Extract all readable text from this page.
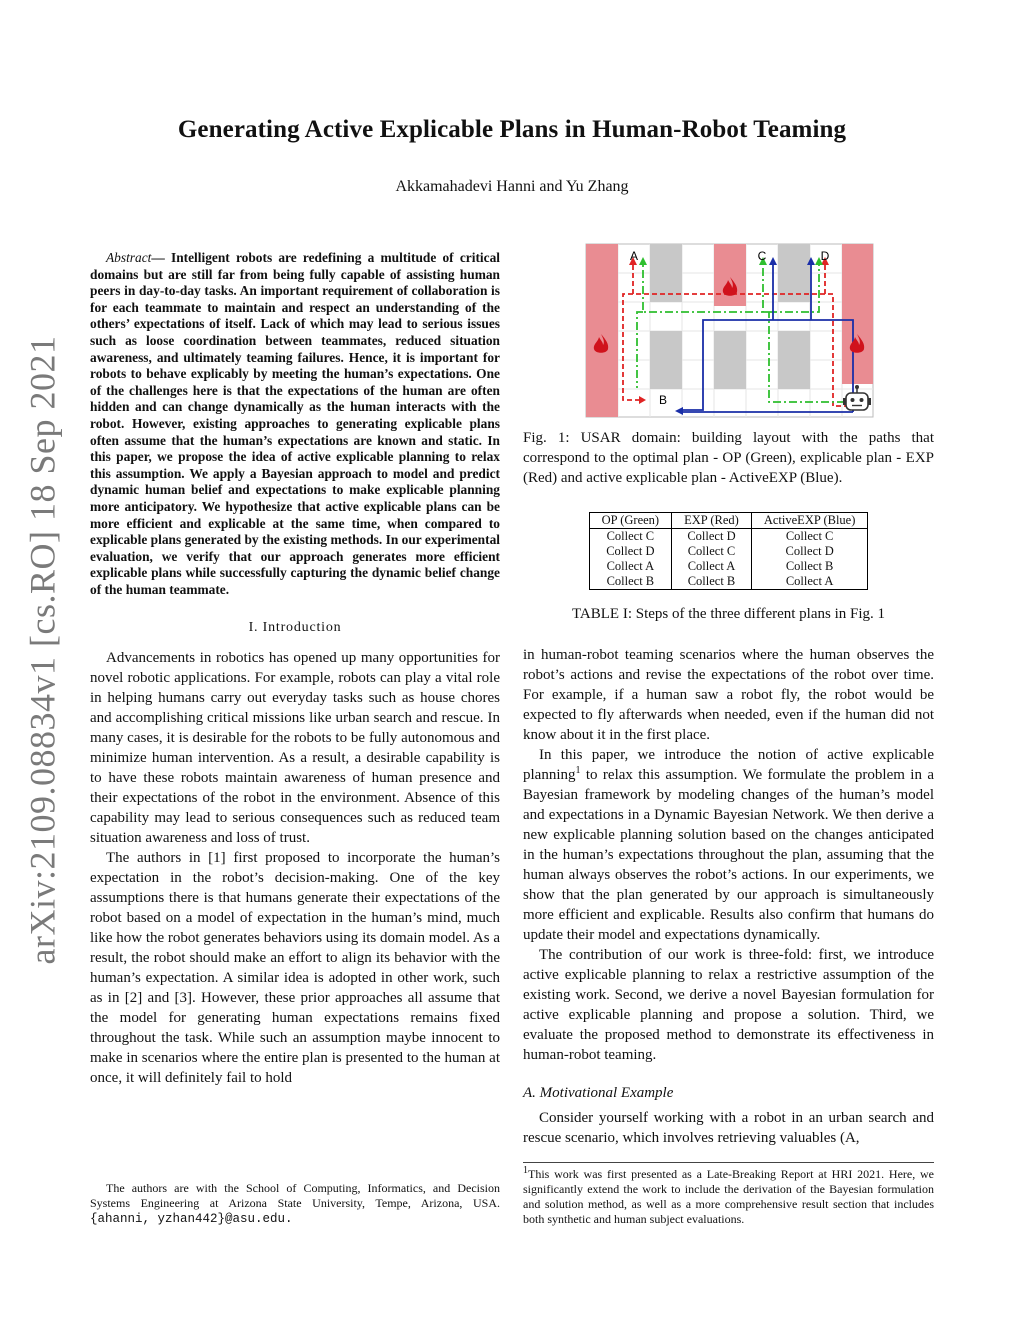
arXiv:2109.08834v1 [cs.RO] 18 Sep 2021
Generating Active Explicable Plans in Human-Robot Teaming
Akkamahadevi Hanni and Yu Zhang

Abstract— Intelligent robots are redefining a multitude of critical domains but are still far from being fully capable of assisting human peers in day-to-day tasks. An important requirement of collaboration is for each teammate to maintain and respect an understanding of the others’ expectations of itself. Lack of which may lead to serious issues such as loose coordination between teammates, reduced situation awareness, and ultimately teaming failures. Hence, it is important for robots to behave explicably by meeting the human’s expectations. One of the challenges here is that the expectations of the human are often hidden and can change dynamically as the human interacts with the robot. However, existing approaches to generating explicable plans often assume that the human’s expectations are known and static. In this paper, we propose the idea of active explicable planning to relax this assumption. We apply a Bayesian approach to model and predict dynamic human belief and expectations to make explicable planning more anticipatory. We hypothesize that active explicable plans can be more efficient and explicable at the same time, when compared to explicable plans generated by the existing methods. In our experimental evaluation, we verify that our approach generates more efficient explicable plans while successfully capturing the dynamic belief change of the human teammate.

I. Introduction

Advancements in robotics has opened up many opportunities for novel robotic applications. For example, robots can play a vital role in helping humans carry out everyday tasks such as house chores and accomplishing critical missions like urban search and rescue. In many cases, it is desirable for the robots to be fully autonomous and minimize human intervention. As a result, a desirable capability is to have these robots maintain awareness of human presence and their expectations of the robot in the environment. Absence of this capability may lead to serious consequences such as reduced team situation awareness and loss of trust.

The authors in [1] first proposed to incorporate the human’s expectation in the robot’s decision-making. One of the key assumptions there is that humans generate their expectations of the robot based on a model of expectation in the human’s mind, much like how the robot generates behaviors using its domain model. As a result, the robot should make an effort to align its behavior with the human’s expectation. A similar idea is adopted in other work, such as in [2] and [3]. However, these prior approaches all assume that the model for generating human expectations remains fixed throughout the task. While such an assumption maybe innocent to make in scenarios where the entire plan is presented to the human at once, it will definitely fail to hold

The authors are with the School of Computing, Informatics, and Decision Systems Engineering at Arizona State University, Tempe, Arizona, USA. {ahanni, yzhan442}@asu.edu.
A	C	D
B

Fig. 1: USAR domain: building layout with the paths that correspond to the optimal plan - OP (Green), explicable plan - EXP (Red) and active explicable plan - ActiveEXP (Blue).

OP (Green)	EXP (Red)	ActiveEXP (Blue)
Collect C	Collect D	Collect C
Collect D	Collect C	Collect D
Collect A	Collect A	Collect B
Collect B	Collect B	Collect A
TABLE I: Steps of the three different plans in Fig. 1

in human-robot teaming scenarios where the human observes the robot’s actions and revise the expectations of the robot over time. For example, if a human saw a robot fly, the robot would be expected to fly afterwards when needed, even if the human did not know about it in the first place.

In this paper, we introduce the notion of active explicable planning$^1$ to relax this assumption. We formulate the problem in a Bayesian framework by modeling changes of the human’s model and expectations in a Dynamic Bayesian Network. We then derive a new explicable planning solution based on the changes anticipated in the human’s expectations throughout the plan, assuming that the human always observes the robot’s actions. In our experiments, we show that the plan generated by our approach is simultaneously more efficient and explicable. Results also confirm that humans do update their model and expectations dynamically.

The contribution of our work is three-fold: first, we introduce active explicable planning to relax a restrictive assumption of the existing work. Second, we derive a novel Bayesian formulation for active explicable planning and propose a solution. Third, we evaluate the proposed method to demonstrate its effectiveness in human-robot teaming.

A. Motivational Example

Consider yourself working with a robot in an urban search and rescue scenario, which involves retrieving valuables (A,

$^1$This work was first presented as a Late-Breaking Report at HRI 2021. Here, we significantly extend the work to include the derivation of the Bayesian formulation and solution method, as well as a more comprehensive result section that includes both synthetic and human subject evaluations.
